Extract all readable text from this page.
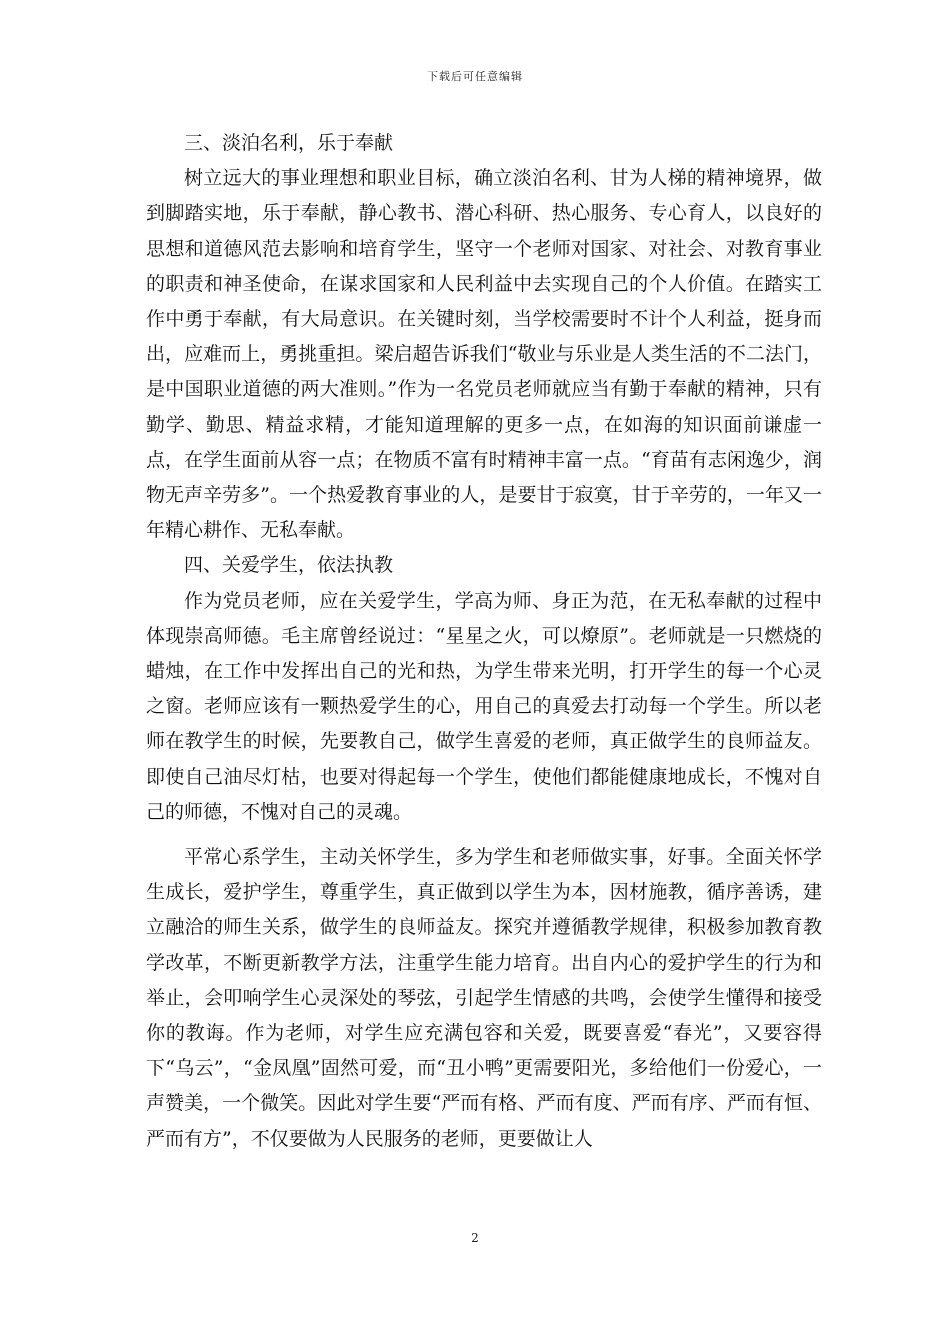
下载后可任意编辑

三、淡泊名利，乐于奉献

树立远大的事业理想和职业目标，确立淡泊名利、甘为人梯的精神境界，做到脚踏实地，乐于奉献，静心教书、潜心科研、热心服务、专心育人，以良好的思想和道德风范去影响和培育学生，坚守一个老师对国家、对社会、对教育事业的职责和神圣使命，在谋求国家和人民利益中去实现自己的个人价值。在踏实工作中勇于奉献，有大局意识。在关键时刻，当学校需要时不计个人利益，挺身而出，应难而上，勇挑重担。梁启超告诉我们“敬业与乐业是人类生活的不二法门，是中国职业道德的两大准则。”作为一名党员老师就应当有勤于奉献的精神，只有勤学、勤思、精益求精，才能知道理解的更多一点，在如海的知识面前谦虚一点，在学生面前从容一点；在物质不富有时精神丰富一点。“育苗有志闲逸少，润物无声辛劳多”。一个热爱教育事业的人，是要甘于寂寞，甘于辛劳的，一年又一年精心耕作、无私奉献。

四、关爱学生，依法执教

作为党员老师，应在关爱学生，学高为师、身正为范，在无私奉献的过程中体现崇高师德。毛主席曾经说过：“星星之火，可以燎原”。老师就是一只燃烧的蜡烛，在工作中发挥出自己的光和热，为学生带来光明，打开学生的每一个心灵之窗。老师应该有一颗热爱学生的心，用自己的真爱去打动每一个学生。所以老师在教学生的时候，先要教自己，做学生喜爱的老师，真正做学生的良师益友。即使自己油尽灯枯，也要对得起每一个学生，使他们都能健康地成长，不愧对自己的师德，不愧对自己的灵魂。

平常心系学生，主动关怀学生，多为学生和老师做实事，好事。全面关怀学生成长，爱护学生，尊重学生，真正做到以学生为本，因材施教，循序善诱，建立融洽的师生关系，做学生的良师益友。探究并遵循教学规律，积极参加教育教学改革，不断更新教学方法，注重学生能力培育。出自内心的爱护学生的行为和举止，会叩响学生心灵深处的琴弦，引起学生情感的共鸣，会使学生懂得和接受你的教诲。作为老师，对学生应充满包容和关爱，既要喜爱“春光”，又要容得下“乌云”，“金凤凰”固然可爱，而“丑小鸭”更需要阳光，多给他们一份爱心，一声赞美，一个微笑。因此对学生要“严而有格、严而有度、严而有序、严而有恒、严而有方”，不仅要做为人民服务的老师，更要做让人

2
